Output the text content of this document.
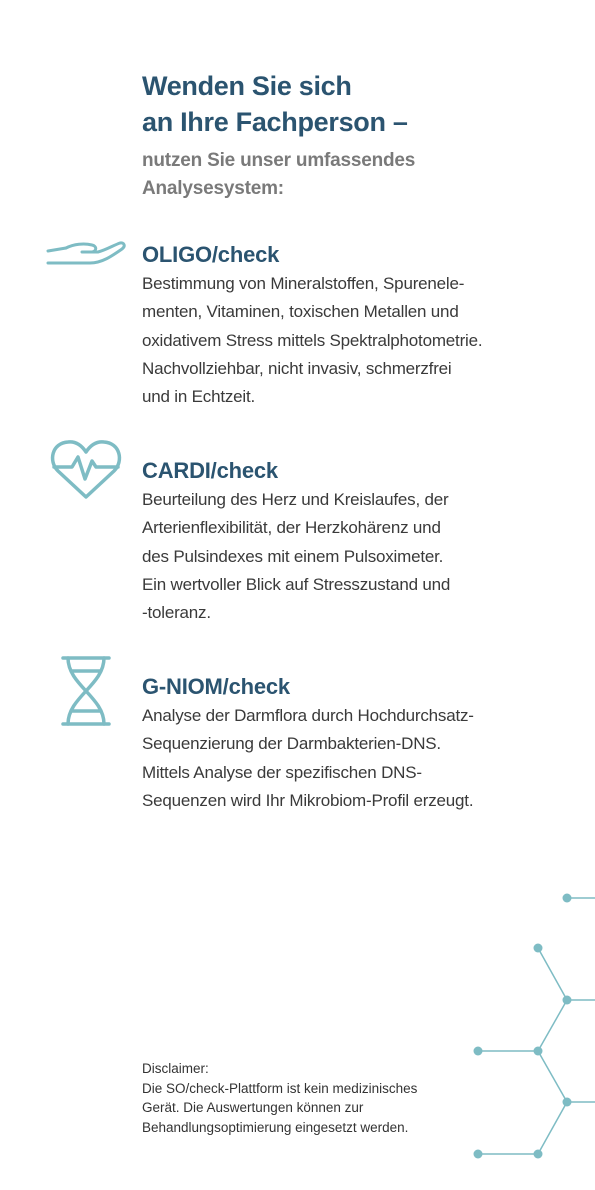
Wenden Sie sich
an Ihre Fachperson –
nutzen Sie unser umfassendes
Analysesystem:
OLIGO/check
Bestimmung von Mineralstoffen, Spurenele-
menten, Vitaminen, toxischen Metallen und
oxidativem Stress mittels Spektralphotometrie.
Nachvollziehbar, nicht invasiv, schmerzfrei
und in Echtzeit.
CARDI/check
Beurteilung des Herz und Kreislaufes, der
Arterienflexibilität, der Herzkohärenz und
des Pulsindexes mit einem Pulsoximeter.
Ein wertvoller Blick auf Stresszustand und
-toleranz.
G-NIOM/check
Analyse der Darmflora durch Hochdurchsatz-
Sequenzierung der Darmbakterien-DNS.
Mittels Analyse der spezifischen DNS-
Sequenzen wird Ihr Mikrobiom-Profil erzeugt.
Disclaimer:
Die SO/check-Plattform ist kein medizinisches
Gerät. Die Auswertungen können zur
Behandlungsoptimierung eingesetzt werden.
